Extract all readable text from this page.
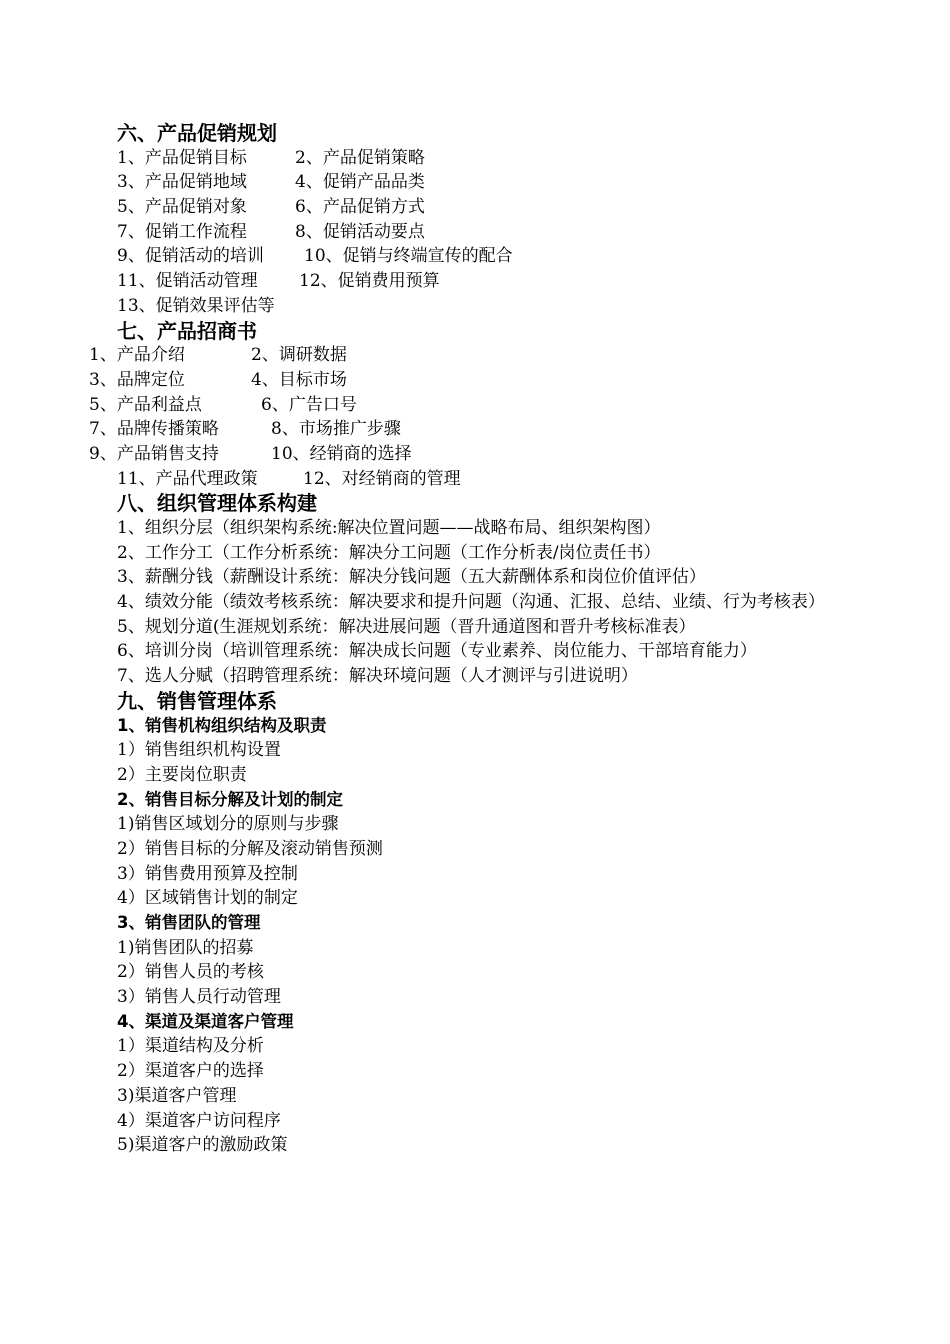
六、产品促销规划
1、产品促销目标	2、产品促销策略
3、产品促销地域	4、促销产品品类
5、产品促销对象	6、产品促销方式
7、促销工作流程	8、促销活动要点
9、促销活动的培训 10、促销与终端宣传的配合
11、促销活动管理 12、促销费用预算
13、促销效果评估等
七、产品招商书
1、产品介绍	2、调研数据
3、品牌定位	4、目标市场
5、产品利益点	6、广告口号
7、品牌传播策略	8、市场推广步骤
9、产品销售支持	10、经销商的选择
11、产品代理政策	12、对经销商的管理
八、组织管理体系构建
1、组织分层（组织架构系统:解决位置问题——战略布局、组织架构图）
2、工作分工（工作分析系统：解决分工问题（工作分析表/岗位责任书）
3、薪酬分钱（薪酬设计系统：解决分钱问题（五大薪酬体系和岗位价值评估）
4、绩效分能（绩效考核系统：解决要求和提升问题（沟通、汇报、总结、业绩、行为考核表）
5、规划分道(生涯规划系统：解决进展问题（晋升通道图和晋升考核标准表）
6、培训分岗（培训管理系统：解决成长问题（专业素养、岗位能力、干部培育能力）
7、选人分赋（招聘管理系统：解决环境问题（人才测评与引进说明）
九、销售管理体系
1、销售机构组织结构及职责
1）销售组织机构设置
2）主要岗位职责
2、销售目标分解及计划的制定
1)销售区域划分的原则与步骤
2）销售目标的分解及滚动销售预测
3）销售费用预算及控制
4）区域销售计划的制定
3、销售团队的管理
1)销售团队的招募
2）销售人员的考核
3）销售人员行动管理
4、渠道及渠道客户管理
1）渠道结构及分析
2）渠道客户的选择
3)渠道客户管理
4）渠道客户访问程序
5)渠道客户的激励政策
